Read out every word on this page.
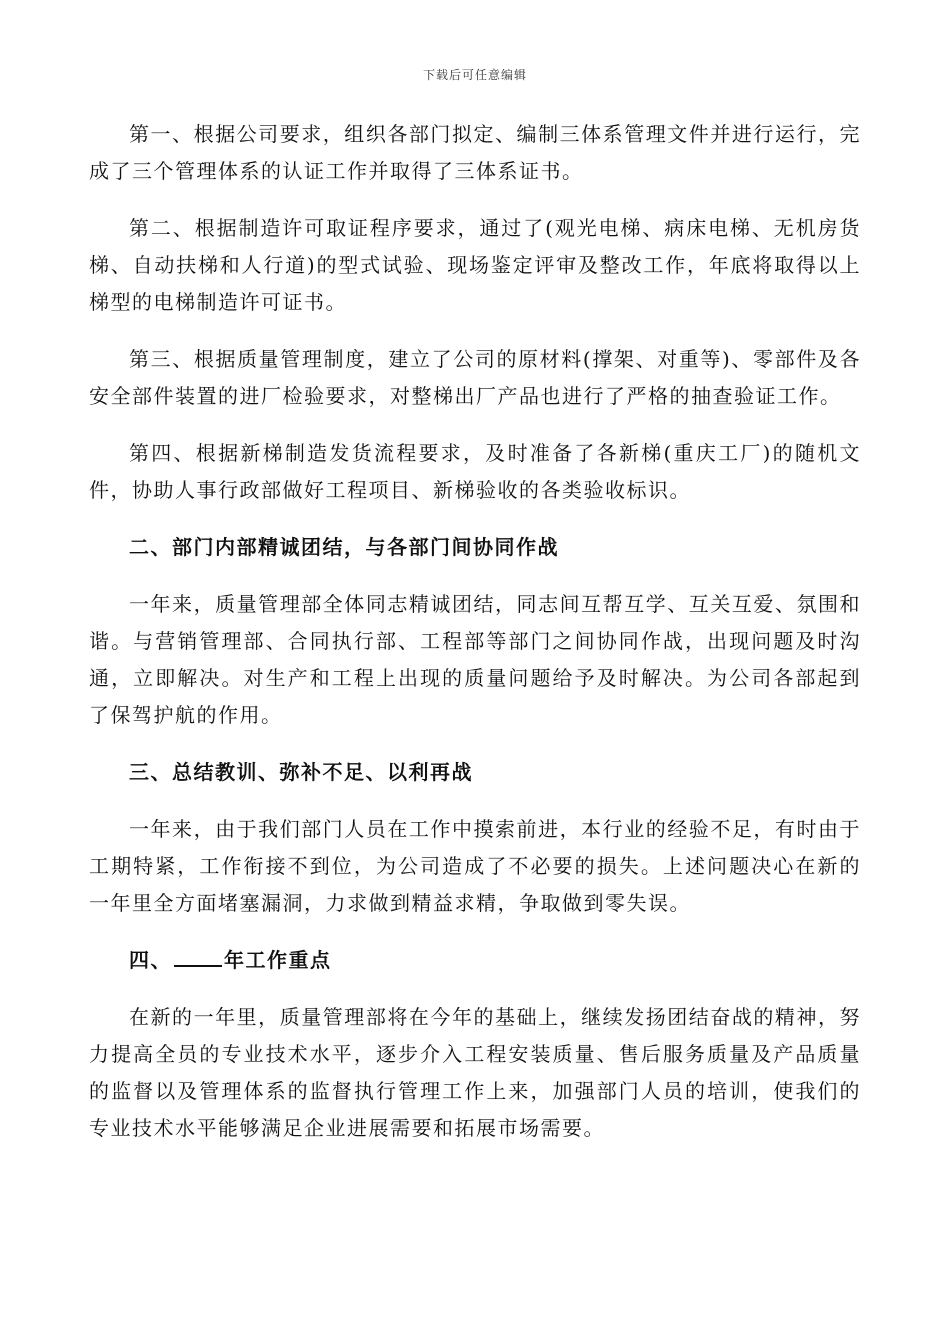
下载后可任意编辑

第一、根据公司要求，组织各部门拟定、编制三体系管理文件并进行运行，完成了三个管理体系的认证工作并取得了三体系证书。

第二、根据制造许可取证程序要求，通过了(观光电梯、病床电梯、无机房货梯、自动扶梯和人行道)的型式试验、现场鉴定评审及整改工作，年底将取得以上梯型的电梯制造许可证书。

第三、根据质量管理制度，建立了公司的原材料(撑架、对重等)、零部件及各安全部件装置的进厂检验要求，对整梯出厂产品也进行了严格的抽查验证工作。

第四、根据新梯制造发货流程要求，及时准备了各新梯(重庆工厂)的随机文件，协助人事行政部做好工程项目、新梯验收的各类验收标识。

二、部门内部精诚团结，与各部门间协同作战

一年来，质量管理部全体同志精诚团结，同志间互帮互学、互关互爱、氛围和谐。与营销管理部、合同执行部、工程部等部门之间协同作战，出现问题及时沟通，立即解决。对生产和工程上出现的质量问题给予及时解决。为公司各部起到了保驾护航的作用。

三、总结教训、弥补不足、以利再战

一年来，由于我们部门人员在工作中摸索前进，本行业的经验不足，有时由于工期特紧，工作衔接不到位，为公司造成了不必要的损失。上述问题决心在新的一年里全方面堵塞漏洞，力求做到精益求精，争取做到零失误。

四、	年工作重点

在新的一年里，质量管理部将在今年的基础上，继续发扬团结奋战的精神，努力提高全员的专业技术水平，逐步介入工程安装质量、售后服务质量及产品质量的监督以及管理体系的监督执行管理工作上来，加强部门人员的培训，使我们的专业技术水平能够满足企业进展需要和拓展市场需要。
